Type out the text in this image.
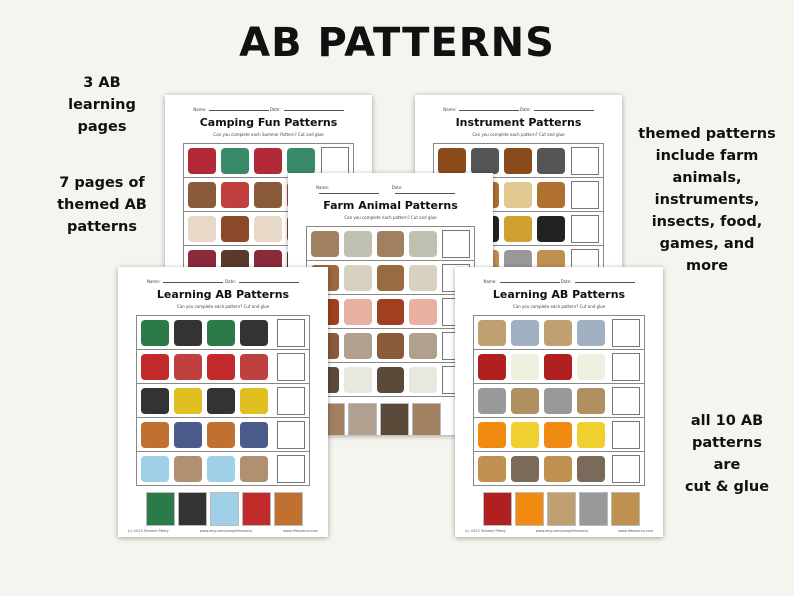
AB PATTERNS
3 AB
learning
pages
7 pages of
themed AB
patterns
themed patterns
include farm
animals,
instruments,
insects, food,
games, and
more
all 10 AB
patterns
are
cut & glue
Name:	Date:
Camping Fun Patterns
Can you complete each Summer Pattern? Cut and glue
Name:	Date:
Instrument Patterns
Can you complete each pattern? Cut and glue
Name:	Date:
Farm Animal Patterns
Can you complete each pattern? Cut and glue
Name:	Date:
Learning AB Patterns
Can you complete each pattern? Cut and glue
(c) 2023 Tammie Pilkey	www.etsy.com/shop/lifeovercs	www.lifeovercs.com
Name:	Date:
Learning AB Patterns
Can you complete each pattern? Cut and glue
(c) 2023 Tammie Pilkey	www.etsy.com/shop/lifeovercs	www.lifeovercs.com
